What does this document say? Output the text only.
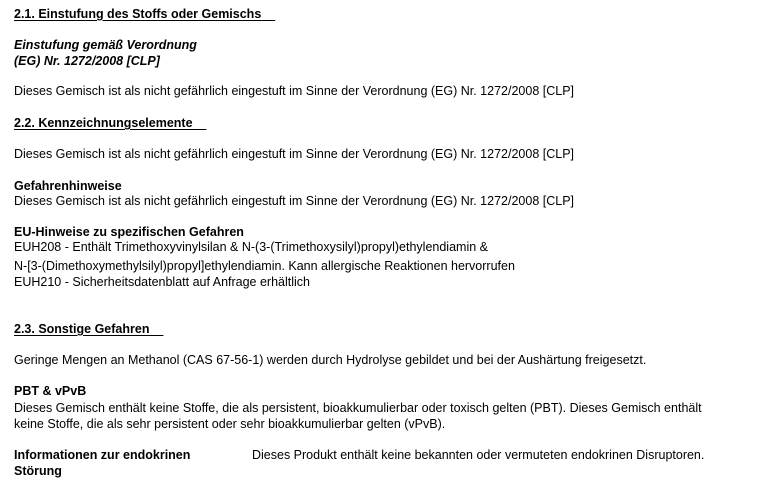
2.1. Einstufung des Stoffs oder Gemischs
Einstufung gemäß Verordnung
(EG) Nr. 1272/2008 [CLP]
Dieses Gemisch ist als nicht gefährlich eingestuft im Sinne der Verordnung (EG) Nr. 1272/2008 [CLP]
2.2. Kennzeichnungselemente
Dieses Gemisch ist als nicht gefährlich eingestuft im Sinne der Verordnung (EG) Nr. 1272/2008 [CLP]
Gefahrenhinweise
Dieses Gemisch ist als nicht gefährlich eingestuft im Sinne der Verordnung (EG) Nr. 1272/2008 [CLP]
EU-Hinweise zu spezifischen Gefahren
EUH208 - Enthält Trimethoxyvinylsilan & N-(3-(Trimethoxysilyl)propyl)ethylendiamin &
N-[3-(Dimethoxymethylsilyl)propyl]ethylendiamin. Kann allergische Reaktionen hervorrufen
EUH210 - Sicherheitsdatenblatt auf Anfrage erhältlich
2.3. Sonstige Gefahren
Geringe Mengen an Methanol (CAS 67-56-1) werden durch Hydrolyse gebildet und bei der Aushärtung freigesetzt.
PBT & vPvB
Dieses Gemisch enthält keine Stoffe, die als persistent, bioakkumulierbar oder toxisch gelten (PBT). Dieses Gemisch enthält
keine Stoffe, die als sehr persistent oder sehr bioakkumulierbar gelten (vPvB).
Informationen zur endokrinen
Störung
Dieses Produkt enthält keine bekannten oder vermuteten endokrinen Disruptoren.
